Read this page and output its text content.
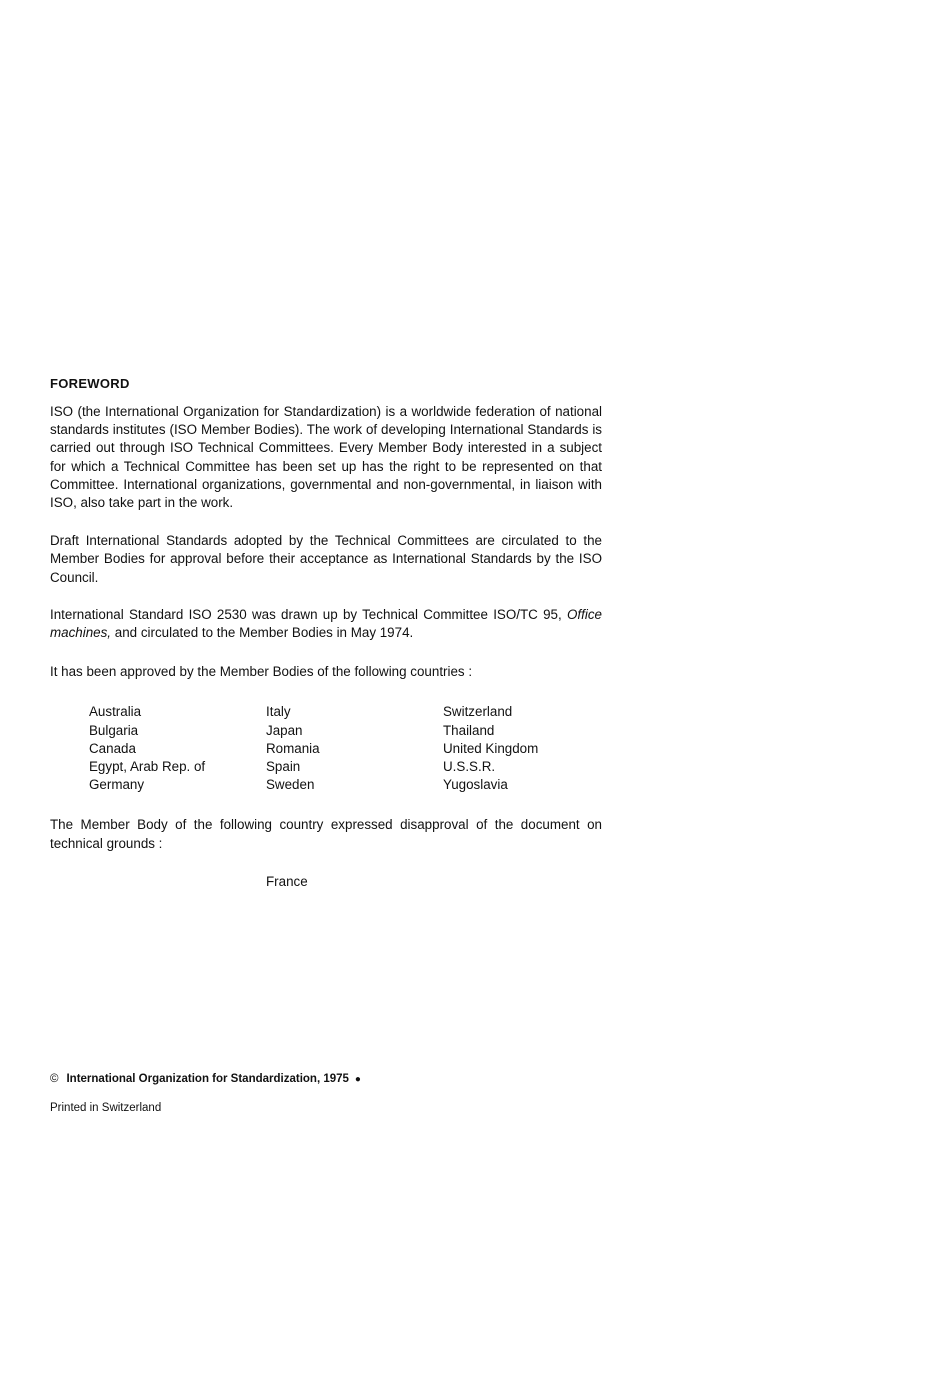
FOREWORD

ISO (the International Organization for Standardization) is a worldwide federation of national standards institutes (ISO Member Bodies). The work of developing International Standards is carried out through ISO Technical Committees. Every Member Body interested in a subject for which a Technical Committee has been set up has the right to be represented on that Committee. International organizations, governmental and non-governmental, in liaison with ISO, also take part in the work.

Draft International Standards adopted by the Technical Committees are circulated to the Member Bodies for approval before their acceptance as International Standards by the ISO Council.

International Standard ISO 2530 was drawn up by Technical Committee ISO/TC 95, Office machines, and circulated to the Member Bodies in May 1974.

It has been approved by the Member Bodies of the following countries :

Australia
Bulgaria
Canada
Egypt, Arab Rep. of
Germany
Italy
Japan
Romania
Spain
Sweden
Switzerland
Thailand
United Kingdom
U.S.S.R.
Yugoslavia

The Member Body of the following country expressed disapproval of the document on technical grounds :

France
© International Organization for Standardization, 1975 ●
Printed in Switzerland
